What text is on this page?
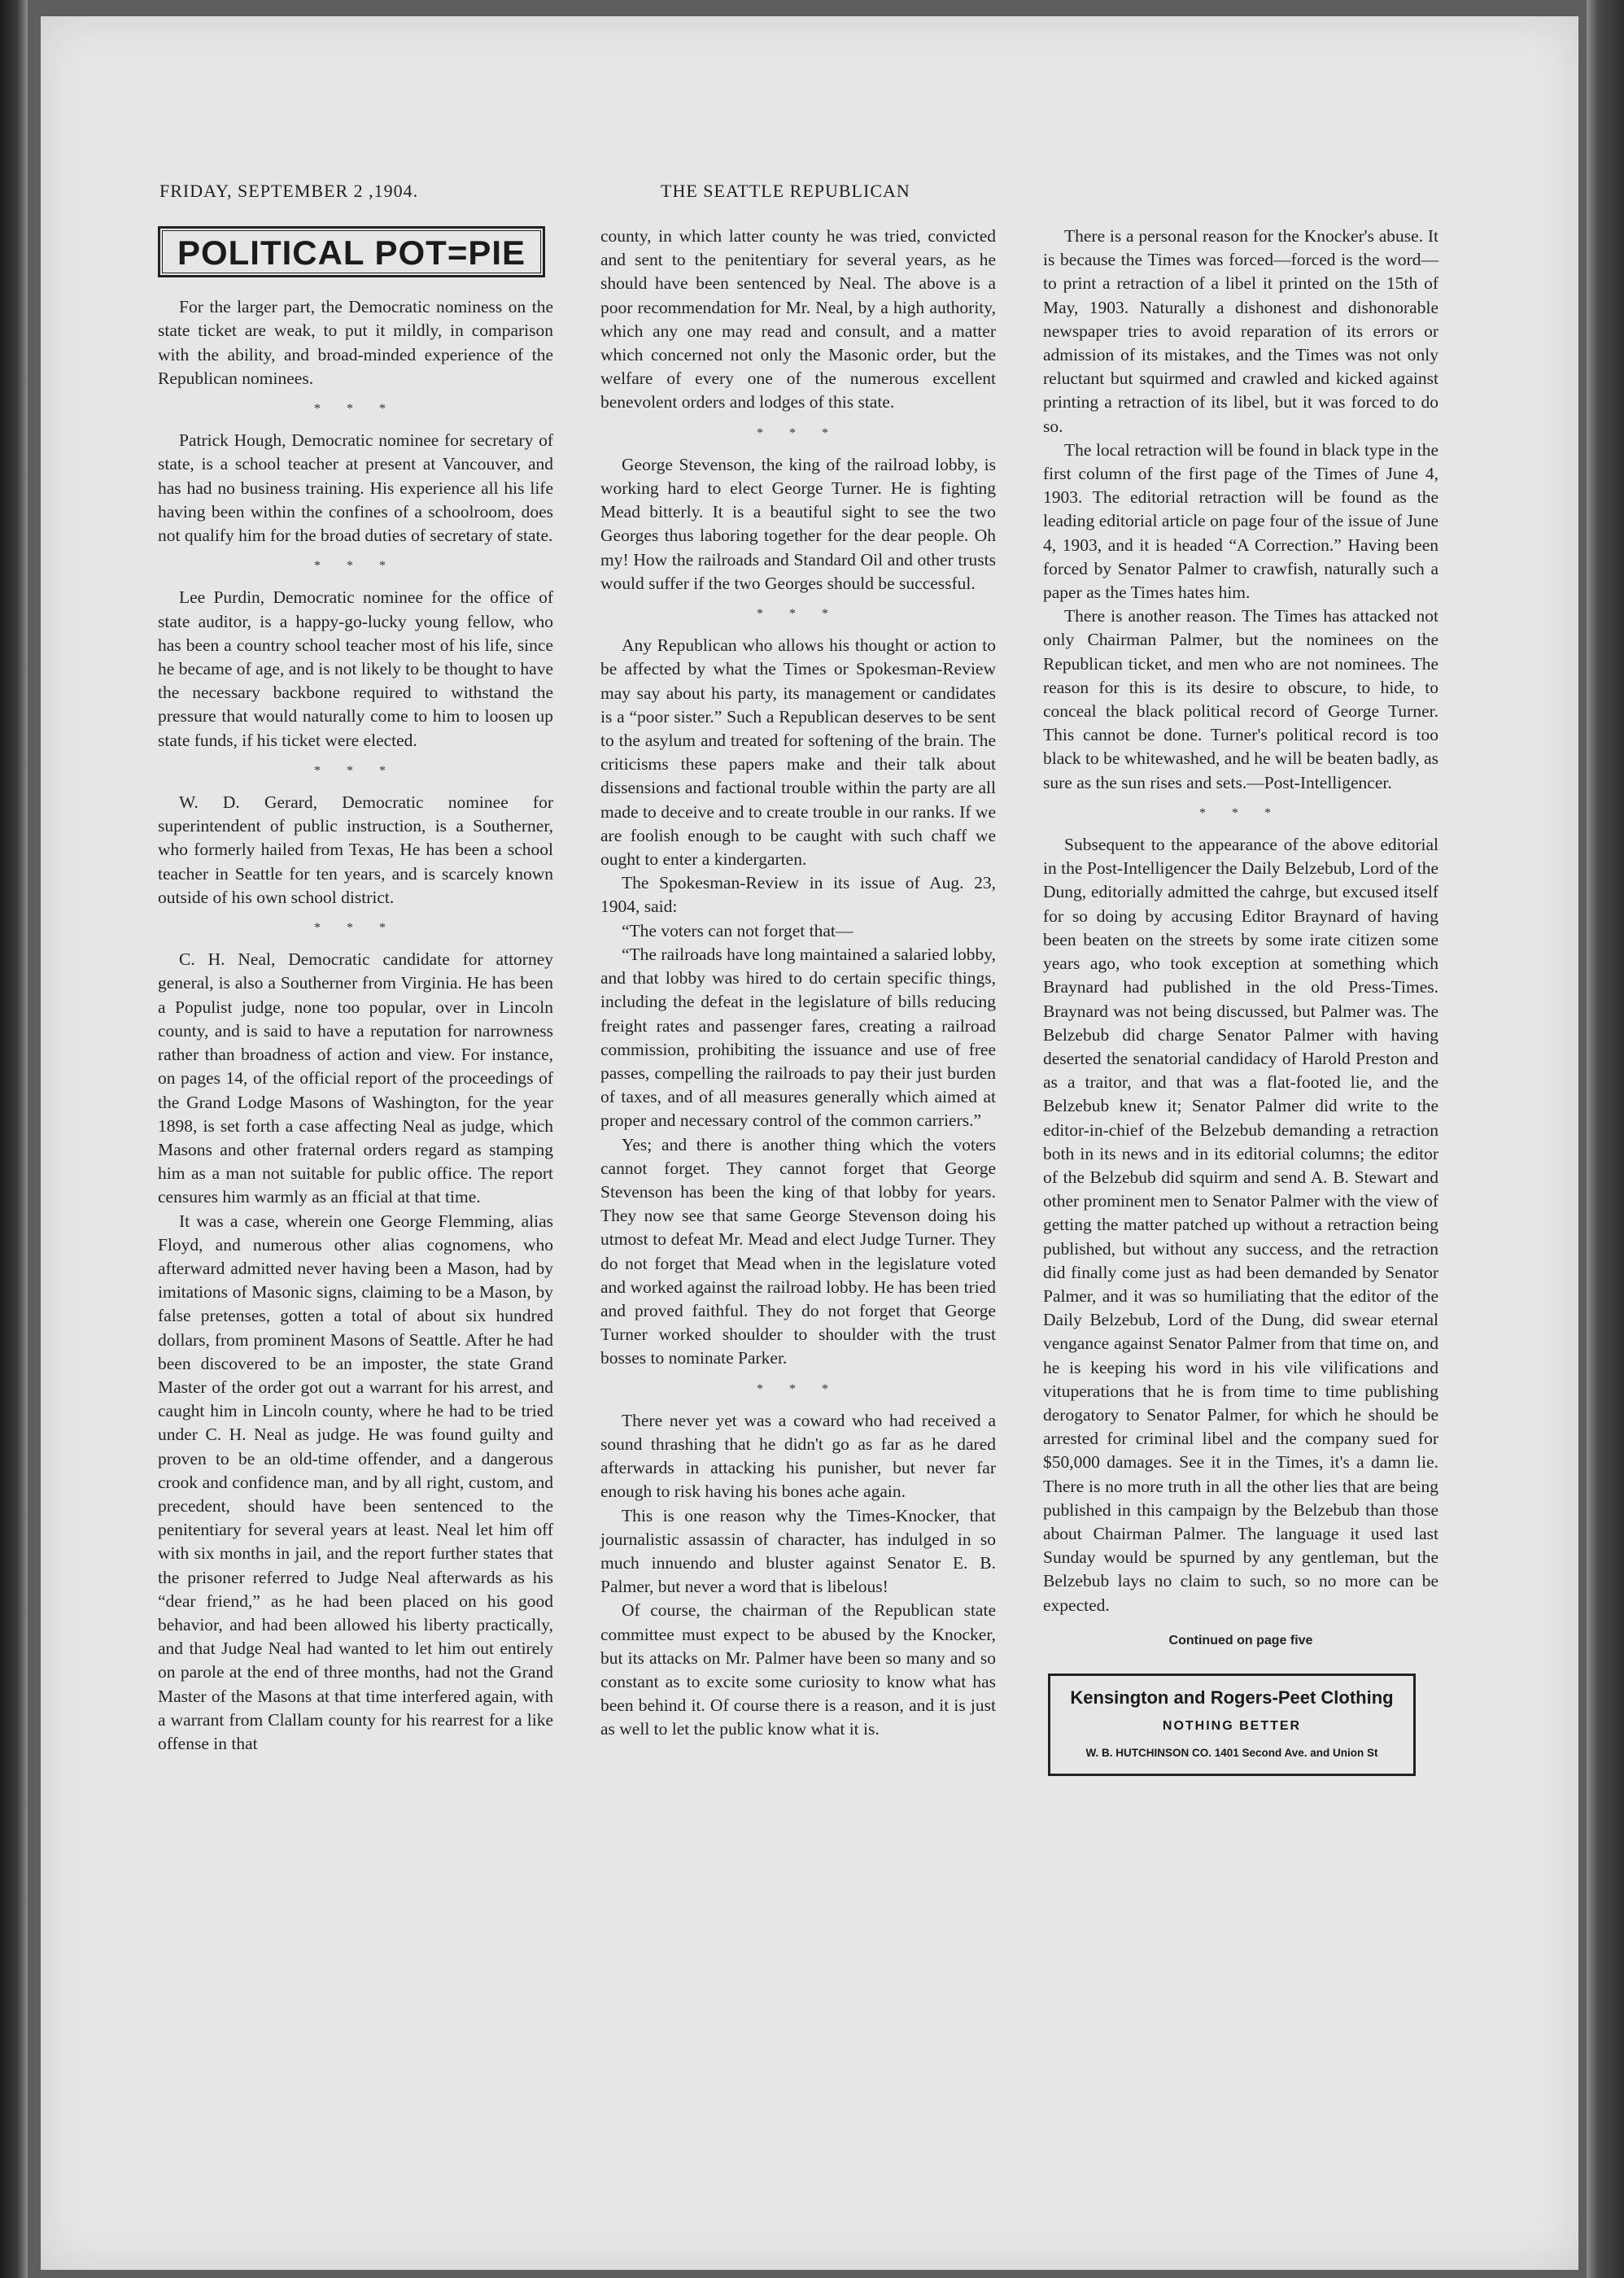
FRIDAY, SEPTEMBER 2 ,1904.	THE SEATTLE REPUBLICAN
POLITICAL POT=PIE

For the larger part, the Democratic nominess on the state ticket are weak, to put it mildly, in comparison with the ability, and broad-minded experience of the Republican nominees.

* * *

Patrick Hough, Democratic nominee for secretary of state, is a school teacher at present at Vancouver, and has had no business training. His experience all his life having been within the confines of a schoolroom, does not qualify him for the broad duties of secretary of state.

* * *

Lee Purdin, Democratic nominee for the office of state auditor, is a happy-go-lucky young fellow, who has been a country school teacher most of his life, since he became of age, and is not likely to be thought to have the necessary backbone required to withstand the pressure that would naturally come to him to loosen up state funds, if his ticket were elected.

* * *

W. D. Gerard, Democratic nominee for superintendent of public instruction, is a Southerner, who formerly hailed from Texas, He has been a school teacher in Seattle for ten years, and is scarcely known outside of his own school district.

* * *

C. H. Neal, Democratic candidate for attorney general, is also a Southerner from Virginia. He has been a Populist judge, none too popular, over in Lincoln county, and is said to have a reputation for narrowness rather than broadness of action and view. For instance, on pages 14, of the official report of the proceedings of the Grand Lodge Masons of Washington, for the year 1898, is set forth a case affecting Neal as judge, which Masons and other fraternal orders regard as stamping him as a man not suitable for public office. The report censures him warmly as an fficial at that time.

It was a case, wherein one George Flemming, alias Floyd, and numerous other alias cognomens, who afterward admitted never having been a Mason, had by imitations of Masonic signs, claiming to be a Mason, by false pretenses, gotten a total of about six hundred dollars, from prominent Masons of Seattle. After he had been discovered to be an imposter, the state Grand Master of the order got out a warrant for his arrest, and caught him in Lincoln county, where he had to be tried under C. H. Neal as judge. He was found guilty and proven to be an old-time offender, and a dangerous crook and confidence man, and by all right, custom, and precedent, should have been sentenced to the penitentiary for several years at least. Neal let him off with six months in jail, and the report further states that the prisoner referred to Judge Neal afterwards as his “dear friend,” as he had been placed on his good behavior, and had been allowed his liberty practically, and that Judge Neal had wanted to let him out entirely on parole at the end of three months, had not the Grand Master of the Masons at that time interfered again, with a warrant from Clallam county for his rearrest for a like offense in that

county, in which latter county he was tried, convicted and sent to the penitentiary for several years, as he should have been sentenced by Neal. The above is a poor recommendation for Mr. Neal, by a high authority, which any one may read and consult, and a matter which concerned not only the Masonic order, but the welfare of every one of the numerous excellent benevolent orders and lodges of this state.

* * *

George Stevenson, the king of the railroad lobby, is working hard to elect George Turner. He is fighting Mead bitterly. It is a beautiful sight to see the two Georges thus laboring together for the dear people. Oh my! How the railroads and Standard Oil and other trusts would suffer if the two Georges should be successful.

* * *

Any Republican who allows his thought or action to be affected by what the Times or Spokesman-Review may say about his party, its management or candidates is a “poor sister.” Such a Republican deserves to be sent to the asylum and treated for softening of the brain. The criticisms these papers make and their talk about dissensions and factional trouble within the party are all made to deceive and to create trouble in our ranks. If we are foolish enough to be caught with such chaff we ought to enter a kindergarten.

The Spokesman-Review in its issue of Aug. 23, 1904, said:

“The voters can not forget that—

“The railroads have long maintained a salaried lobby, and that lobby was hired to do certain specific things, including the defeat in the legislature of bills reducing freight rates and passenger fares, creating a railroad commission, prohibiting the issuance and use of free passes, compelling the railroads to pay their just burden of taxes, and of all measures generally which aimed at proper and necessary control of the common carriers.”

Yes; and there is another thing which the voters cannot forget. They cannot forget that George Stevenson has been the king of that lobby for years. They now see that same George Stevenson doing his utmost to defeat Mr. Mead and elect Judge Turner. They do not forget that Mead when in the legislature voted and worked against the railroad lobby. He has been tried and proved faithful. They do not forget that George Turner worked shoulder to shoulder with the trust bosses to nominate Parker.

* * *

There never yet was a coward who had received a sound thrashing that he didn't go as far as he dared afterwards in attacking his punisher, but never far enough to risk having his bones ache again.

This is one reason why the Times-Knocker, that journalistic assassin of character, has indulged in so much innuendo and bluster against Senator E. B. Palmer, but never a word that is libelous!

Of course, the chairman of the Republican state committee must expect to be abused by the Knocker, but its attacks on Mr. Palmer have been so many and so constant as to excite some curiosity to know what has been behind it. Of course there is a reason, and it is just as well to let the public know what it is.

There is a personal reason for the Knocker's abuse. It is because the Times was forced—forced is the word—to print a retraction of a libel it printed on the 15th of May, 1903. Naturally a dishonest and dishonorable newspaper tries to avoid reparation of its errors or admission of its mistakes, and the Times was not only reluctant but squirmed and crawled and kicked against printing a retraction of its libel, but it was forced to do so.

The local retraction will be found in black type in the first column of the first page of the Times of June 4, 1903. The editorial retraction will be found as the leading editorial article on page four of the issue of June 4, 1903, and it is headed “A Correction.” Having been forced by Senator Palmer to crawfish, naturally such a paper as the Times hates him.

There is another reason. The Times has attacked not only Chairman Palmer, but the nominees on the Republican ticket, and men who are not nominees. The reason for this is its desire to obscure, to hide, to conceal the black political record of George Turner. This cannot be done. Turner's political record is too black to be whitewashed, and he will be beaten badly, as sure as the sun rises and sets.—Post-Intelligencer.

* * *

Subsequent to the appearance of the above editorial in the Post-Intelligencer the Daily Belzebub, Lord of the Dung, editorially admitted the cahrge, but excused itself for so doing by accusing Editor Braynard of having been beaten on the streets by some irate citizen some years ago, who took exception at something which Braynard had published in the old Press-Times. Braynard was not being discussed, but Palmer was. The Belzebub did charge Senator Palmer with having deserted the senatorial candidacy of Harold Preston and as a traitor, and that was a flat-footed lie, and the Belzebub knew it; Senator Palmer did write to the editor-in-chief of the Belzebub demanding a retraction both in its news and in its editorial columns; the editor of the Belzebub did squirm and send A. B. Stewart and other prominent men to Senator Palmer with the view of getting the matter patched up without a retraction being published, but without any success, and the retraction did finally come just as had been demanded by Senator Palmer, and it was so humiliating that the editor of the Daily Belzebub, Lord of the Dung, did swear eternal vengance against Senator Palmer from that time on, and he is keeping his word in his vile vilifications and vituperations that he is from time to time publishing derogatory to Senator Palmer, for which he should be arrested for criminal libel and the company sued for $50,000 damages. See it in the Times, it's a damn lie. There is no more truth in all the other lies that are being published in this campaign by the Belzebub than those about Chairman Palmer. The language it used last Sunday would be spurned by any gentleman, but the Belzebub lays no claim to such, so no more can be expected.

Continued on page five
Kensington and Rogers-Peet Clothing
NOTHING BETTER
W. B. HUTCHINSON CO. 1401 Second Ave. and Union St
